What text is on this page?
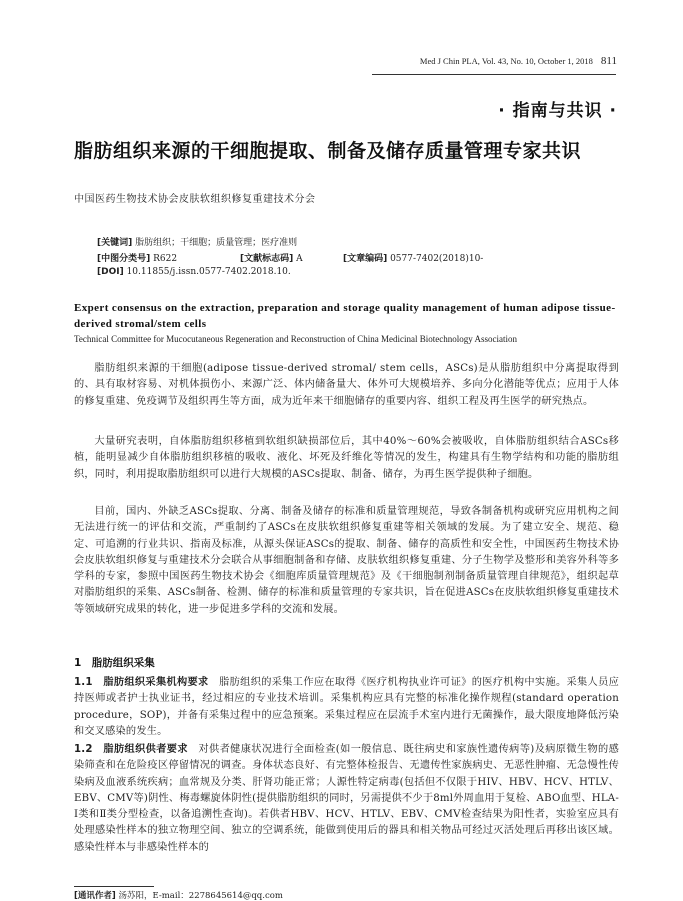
Med J Chin PLA, Vol. 43, No. 10, October 1, 2018 811
· 指南与共识 ·
脂肪组织来源的干细胞提取、制备及储存质量管理专家共识
中国医药生物技术协会皮肤软组织修复重建技术分会
[关键词] 脂肪组织；干细胞；质量管理；医疗准则
[中图分类号] R622	[文献标志码] A	[文章编码] 0577-7402(2018)10-
[DOI] 10.11855/j.issn.0577-7402.2018.10.
Expert consensus on the extraction, preparation and storage quality management of human adipose tissue-derived stromal/stem cells
Technical Committee for Mucocutaneous Regeneration and Reconstruction of China Medicinal Biotechnology Association
脂肪组织来源的干细胞(adipose tissue-derived stromal/ stem cells，ASCs)是从脂肪组织中分离提取得到的、具有取材容易、对机体损伤小、来源广泛、体内储备量大、体外可大规模培养、多向分化潜能等优点；应用于人体的修复重建、免疫调节及组织再生等方面，成为近年来干细胞储存的重要内容、组织工程及再生医学的研究热点。
大量研究表明，自体脂肪组织移植到软组织缺损部位后，其中40%～60%会被吸收，自体脂肪组织结合ASCs移植，能明显减少自体脂肪组织移植的吸收、液化、坏死及纤维化等情况的发生，构建具有生物学结构和功能的脂肪组织，同时，利用提取脂肪组织可以进行大规模的ASCs提取、制备、储存，为再生医学提供种子细胞。
目前，国内、外缺乏ASCs提取、分离、制备及储存的标准和质量管理规范，导致各制备机构或研究应用机构之间无法进行统一的评估和交流，严重制约了ASCs在皮肤软组织修复重建等相关领域的发展。为了建立安全、规范、稳定、可追溯的行业共识、指南及标准，从源头保证ASCs的提取、制备、储存的高质性和安全性，中国医药生物技术协会皮肤软组织修复与重建技术分会联合从事细胞制备和存储、皮肤软组织修复重建、分子生物学及整形和美容外科等多学科的专家，参照中国医药生物技术协会《细胞库质量管理规范》及《干细胞制剂制备质量管理自律规范》，组织起草对脂肪组织的采集、ASCs制备、检测、储存的标准和质量管理的专家共识，旨在促进ASCs在皮肤软组织修复重建技术等领域研究成果的转化，进一步促进多学科的交流和发展。
1　脂肪组织采集
1.1　脂肪组织采集机构要求　脂肪组织的采集工作应在取得《医疗机构执业许可证》的医疗机构中实施。采集人员应持医师或者护士执业证书，经过相应的专业技术培训。采集机构应具有完整的标准化操作规程(standard operation procedure，SOP)，并备有采集过程中的应急预案。采集过程应在层流手术室内进行无菌操作，最大限度地降低污染和交叉感染的发生。
1.2　脂肪组织供者要求　对供者健康状况进行全面检查(如一般信息、既往病史和家族性遗传病等)及病原微生物的感染筛查和在危险疫区停留情况的调查。身体状态良好、有完整体检报告、无遗传性家族病史、无恶性肿瘤、无急慢性传染病及血液系统疾病；血常规及分类、肝肾功能正常；人源性特定病毒(包括但不仅限于HIV、HBV、HCV、HTLV、EBV、CMV等)阴性、梅毒螺旋体阴性(提供脂肪组织的同时，另需提供不少于8ml外周血用于复检、ABO血型、HLA-Ⅰ类和Ⅱ类分型检查，以备追溯性查询)。若供者HBV、HCV、HTLV、EBV、CMV检查结果为阳性者，实验室应具有处理感染性样本的独立物理空间、独立的空调系统，能做到使用后的器具和相关物品可经过灭活处理后再移出该区域。感染性样本与非感染性样本的
[通讯作者] 汤苏阳，E-mail：2278645614@qq.com
